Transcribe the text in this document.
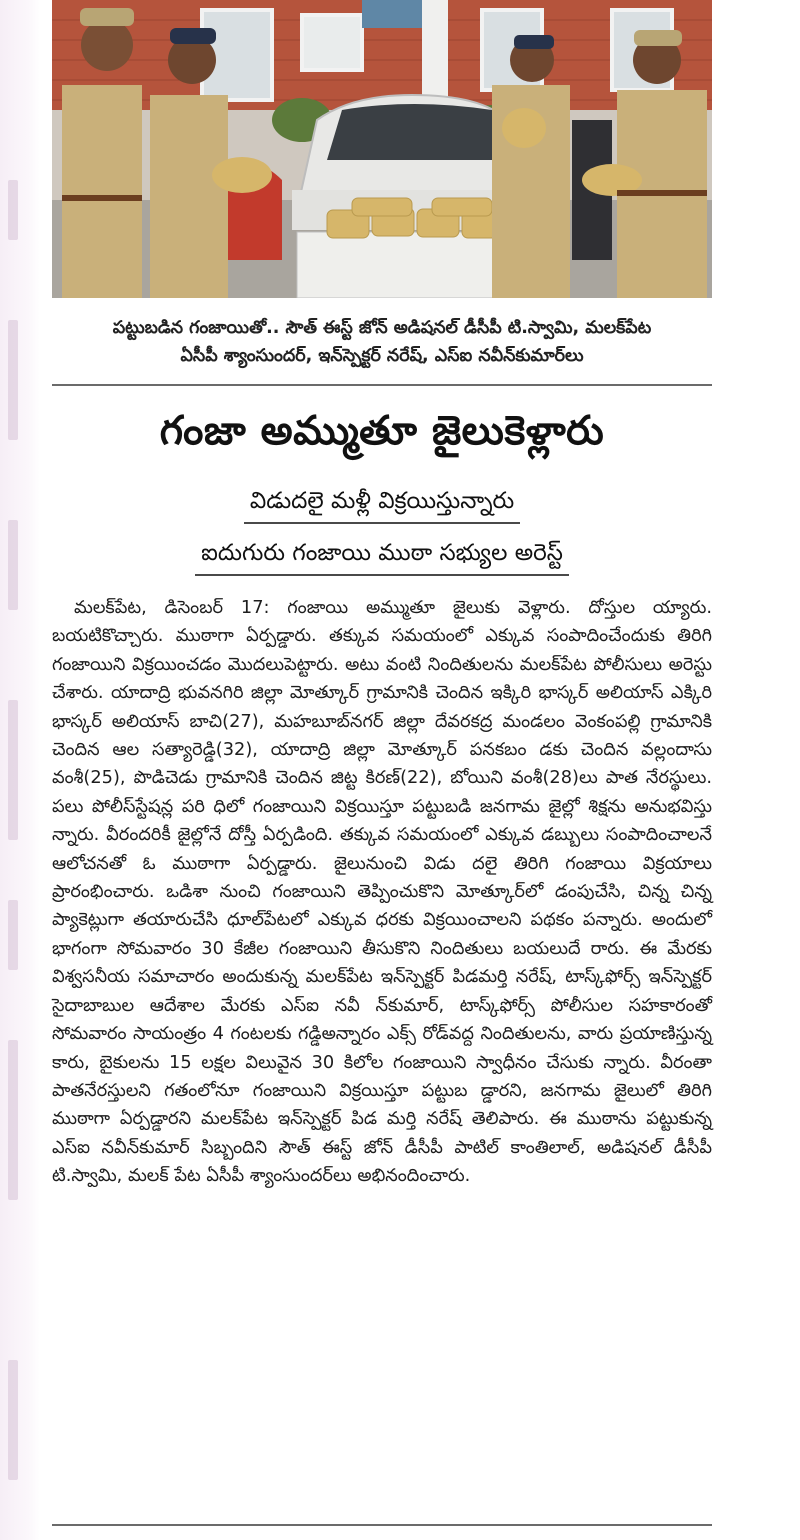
పట్టుబడిన గంజాయితో.. సౌత్ ఈస్ట్ జోన్ అడిషనల్ డీసీపీ టి.స్వామి, మలక్‌పేట
ఏసీపీ శ్యాంసుందర్, ఇన్‌స్పెక్టర్ నరేష్, ఎస్ఐ నవీన్‌కుమార్‌లు
గంజా అమ్ముతూ జైలుకెళ్లారు
విడుదలై మళ్లీ విక్రయిస్తున్నారు
ఐదుగురు గంజాయి ముఠా సభ్యుల అరెస్ట్
మలక్‌పేట, డిసెంబర్ 17: గంజాయి అమ్ముతూ జైలుకు వెళ్లారు. దోస్తుల య్యారు. బయటికొచ్చారు. ముఠాగా ఏర్పడ్డారు. తక్కువ సమయంలో ఎక్కువ సంపాదించేందుకు తిరిగి గంజాయిని విక్రయించడం మొదలుపెట్టారు. అటు వంటి నిందితులను మలక్‌పేట పోలీసులు అరెస్టు చేశారు. యాదాద్రి భువనగిరి జిల్లా మోత్కూర్ గ్రామానికి చెందిన ఇక్కిరి భాస్కర్ అలియాస్ ఎక్కిరి భాస్కర్ అలియాస్ బాచి(27), మహబూబ్‌నగర్ జిల్లా దేవరకద్ర మండలం వెంకంపల్లి గ్రామానికి చెందిన ఆల సత్యారెడ్డి(32), యాదాద్రి జిల్లా మోత్కూర్ పనకబం డకు చెందిన వల్లందాసు వంశీ(25), పొడిచెడు గ్రామానికి చెందిన జిట్ట కిరణ్(22), బోయిని వంశీ(28)లు పాత నేరస్థులు. పలు పోలీస్‌స్టేషన్ల పరి ధిలో గంజాయిని విక్రయిస్తూ పట్టుబడి జనగామ జైల్లో శిక్షను అనుభవిస్తు న్నారు. వీరందరికీ జైల్లోనే దోస్తీ ఏర్పడింది. తక్కువ సమయంలో ఎక్కువ డబ్బులు సంపాదించాలనే ఆలోచనతో ఓ ముఠాగా ఏర్పడ్డారు. జైలునుంచి విడు దలై తిరిగి గంజాయి విక్రయాలు ప్రారంభించారు. ఒడిశా నుంచి గంజాయిని తెప్పించుకొని మోత్కూర్‌లో డంపుచేసి, చిన్న చిన్న ప్యాకెట్లుగా తయారుచేసి ధూల్‌పేటలో ఎక్కువ ధరకు విక్రయించాలని పథకం పన్నారు. అందులో భాగంగా సోమవారం 30 కేజీల గంజాయిని తీసుకొని నిందితులు బయలుదే రారు. ఈ మేరకు విశ్వసనీయ సమాచారం అందుకున్న మలక్‌పేట ఇన్‌స్పెక్టర్ పిడమర్తి నరేష్, టాస్క్‌ఫోర్స్ ఇన్‌స్పెక్టర్ సైదాబాబుల ఆదేశాల మేరకు ఎస్ఐ నవీ న్‌కుమార్, టాస్క్‌ఫోర్స్ పోలీసుల సహకారంతో సోమవారం సాయంత్రం 4 గంటలకు గడ్డిఅన్నారం ఎక్స్ రోడ్‌వద్ద నిందితులను, వారు ప్రయాణిస్తున్న కారు, బైకులను 15 లక్షల విలువైన 30 కిలోల గంజాయిని స్వాధీనం చేసుకు న్నారు. వీరంతా పాతనేరస్తులని గతంలోనూ గంజాయిని విక్రయిస్తూ పట్టుబ డ్డారని, జనగామ జైలులో తిరిగి ముఠాగా ఏర్పడ్డారని మలక్‌పేట ఇన్‌స్పెక్టర్ పిడ మర్తి నరేష్ తెలిపారు. ఈ ముఠాను పట్టుకున్న ఎస్ఐ నవీన్‌కుమార్ సిబ్బందిని సౌత్ ఈస్ట్ జోన్ డీసీపీ పాటిల్ కాంతిలాల్, అడిషనల్ డీసీపీ టి.స్వామి, మలక్ పేట ఏసీపీ శ్యాంసుందర్‌లు అభినందించారు.
